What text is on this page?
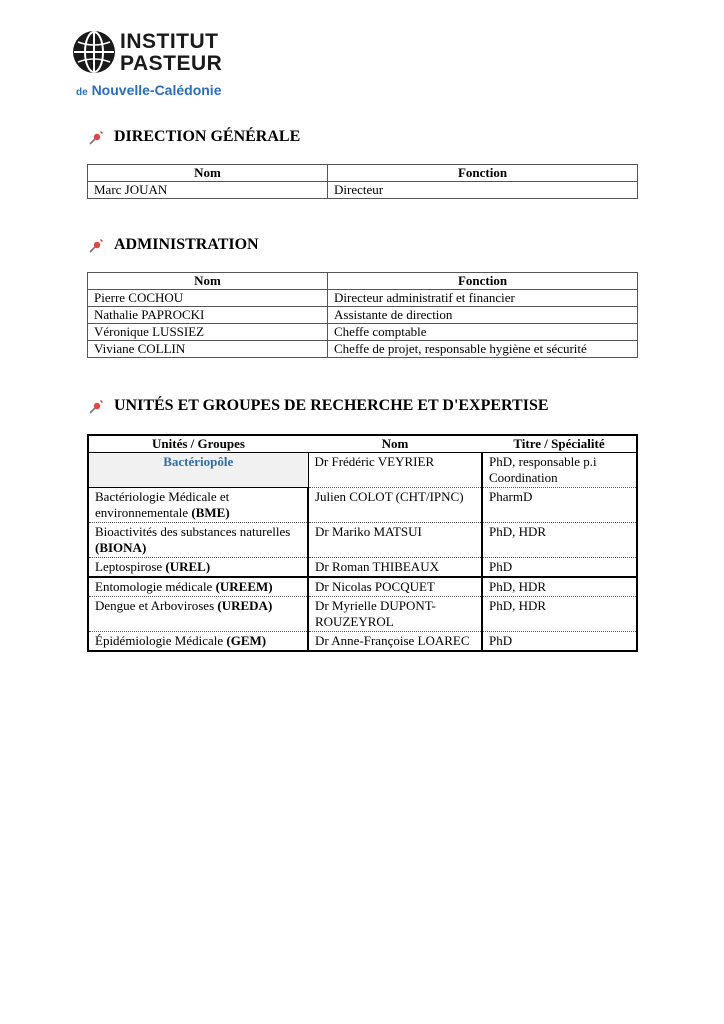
INSTITUT
PASTEUR
de Nouvelle-Calédonie
DIRECTION GÉNÉRALE
Nom	Fonction
Marc JOUAN	Directeur
ADMINISTRATION
Nom	Fonction
Pierre COCHOU	Directeur administratif et financier
Nathalie PAPROCKI	Assistante de direction
Véronique LUSSIEZ	Cheffe comptable
Viviane COLLIN	Cheffe de projet, responsable hygiène et sécurité
UNITÉS ET GROUPES DE RECHERCHE ET D'EXPERTISE
Unités / Groupes	Nom	Titre / Spécialité
Bactériopôle	Dr Frédéric VEYRIER	PhD, responsable p.i Coordination
Bactériologie Médicale et environnementale (BME)	Julien COLOT (CHT/IPNC)	PharmD
Bioactivités des substances naturelles (BIONA)	Dr Mariko MATSUI	PhD, HDR
Leptospirose (UREL)	Dr Roman THIBEAUX	PhD
Entomologie médicale (UREEM)	Dr Nicolas POCQUET	PhD, HDR
Dengue et Arboviroses (UREDA)	Dr Myrielle DUPONT-ROUZEYROL	PhD, HDR
Épidémiologie Médicale (GEM)	Dr Anne-Françoise LOAREC	PhD
